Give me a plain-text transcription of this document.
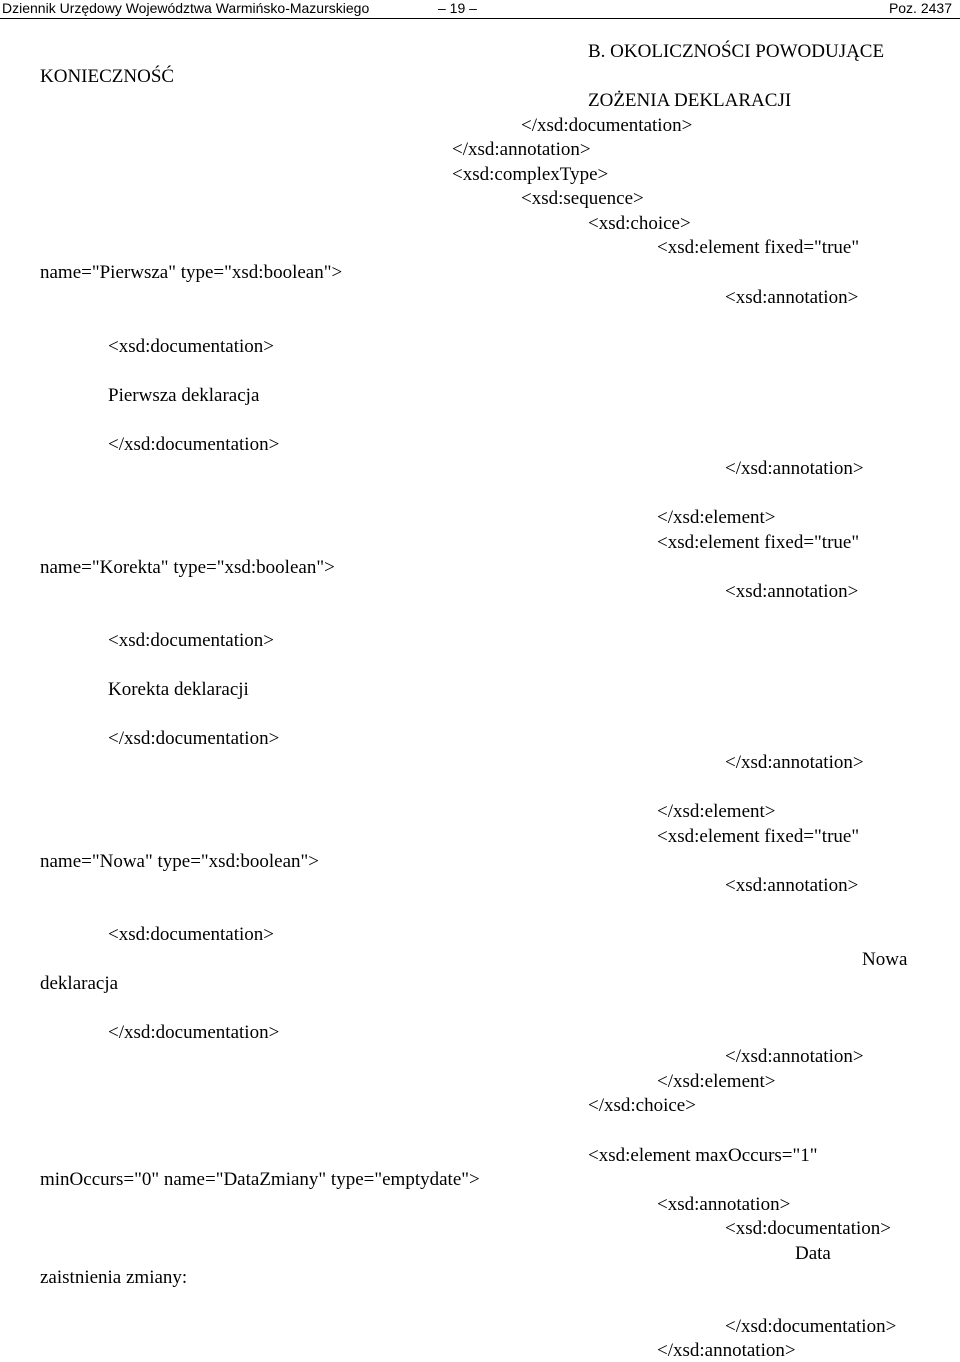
Dziennik Urzędowy Województwa Warmińsko-Mazurskiego	– 19 –	Poz. 2437
KONIECZNOŚĆ
name="Pierwsza" type="xsd:boolean">
<xsd:documentation>
Pierwsza deklaracja
</xsd:documentation>
name="Korekta" type="xsd:boolean">
<xsd:documentation>
Korekta deklaracji
</xsd:documentation>
name="Nowa" type="xsd:boolean">
<xsd:documentation>
deklaracja
</xsd:documentation>
minOccurs="0" name="DataZmiany" type="emptydate">
zaistnienia zmiany:
B. OKOLICZNOŚCI POWODUJĄCE
ZOŻENIA DEKLARACJI
</xsd:documentation>
</xsd:annotation>
<xsd:complexType>
<xsd:sequence>
<xsd:choice>
<xsd:element fixed="true"
<xsd:annotation>
</xsd:annotation>
</xsd:element>
<xsd:element fixed="true"
<xsd:annotation>
</xsd:annotation>
</xsd:element>
<xsd:element fixed="true"
<xsd:annotation>
Nowa
</xsd:annotation>
</xsd:element>
</xsd:choice>
<xsd:element maxOccurs="1"
<xsd:annotation>
<xsd:documentation>
Data
</xsd:documentation>
</xsd:annotation>
